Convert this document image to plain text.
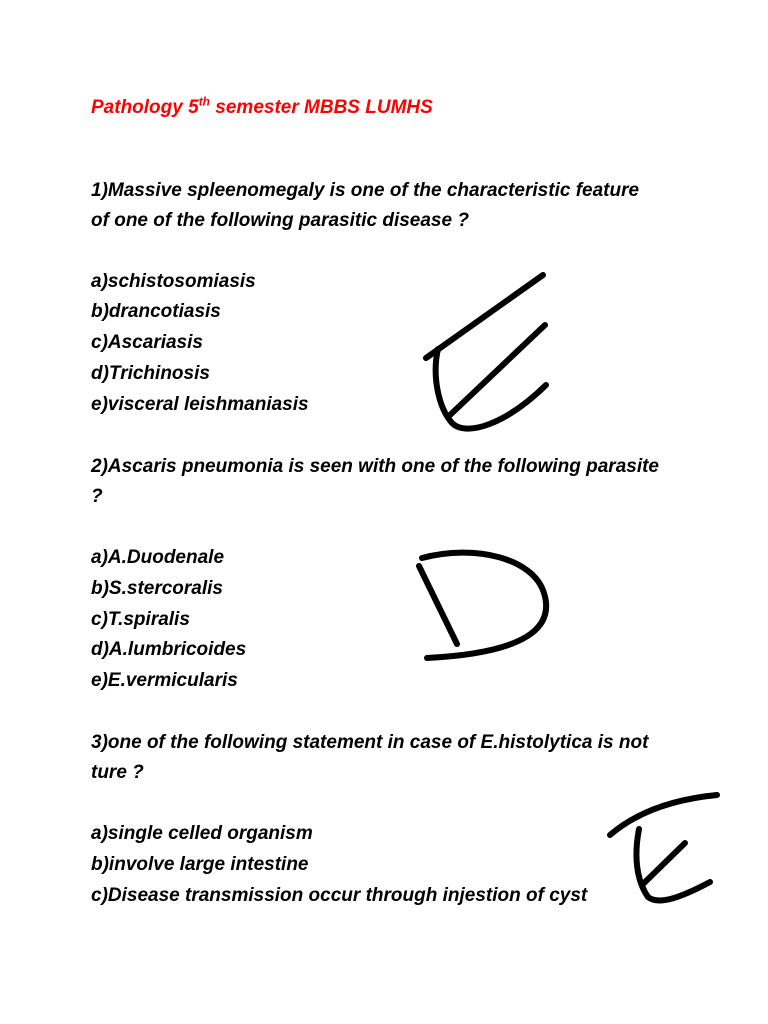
Pathology 5th semester MBBS LUMHS
1)Massive spleenomegaly is one of the characteristic feature
of one of the following parasitic disease ?
a)schistosomiasis
b)drancotiasis
c)Ascariasis
d)Trichinosis
e)visceral leishmaniasis
2)Ascaris pneumonia is seen with one of the following parasite
?
a)A.Duodenale
b)S.stercoralis
c)T.spiralis
d)A.lumbricoides
e)E.vermicularis
3)one of the following statement in case of E.histolytica is not
ture ?
a)single celled organism
b)involve large intestine
c)Disease transmission occur through injestion of cyst
